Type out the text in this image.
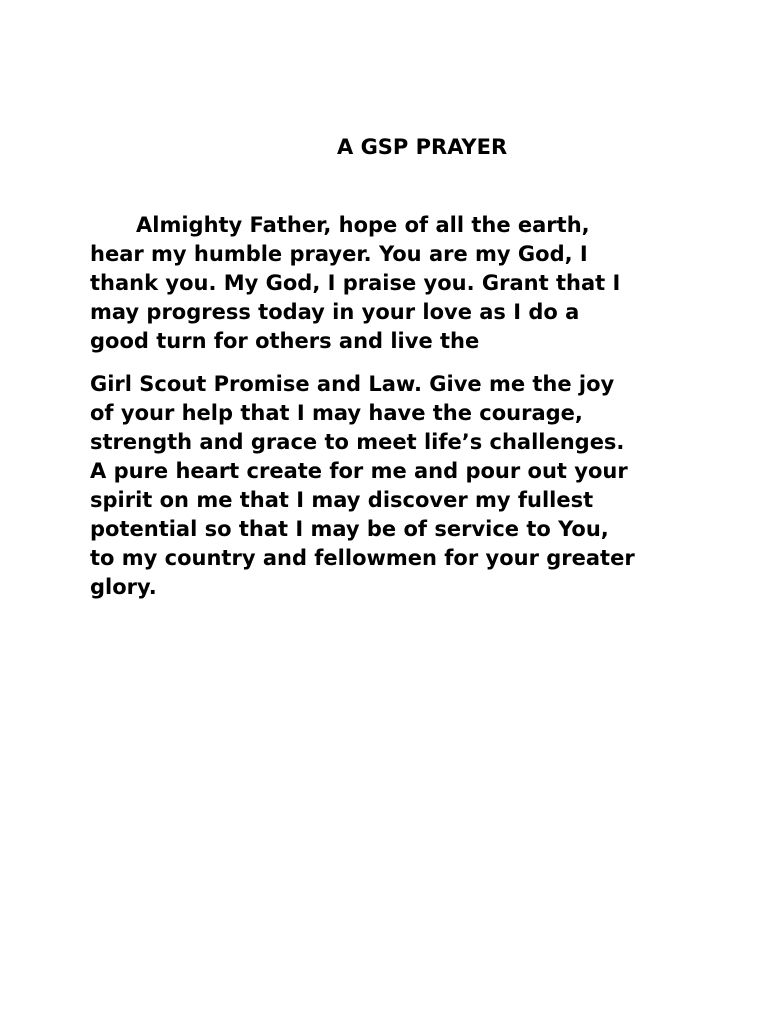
A GSP PRAYER

Almighty Father, hope of all the earth,
hear my humble prayer. You are my God, I
thank you. My God, I praise you. Grant that I
may progress today in your love as I do a
good turn for others and live the

Girl Scout Promise and Law. Give me the joy
of your help that I may have the courage,
strength and grace to meet life’s challenges.
A pure heart create for me and pour out your
spirit on me that I may discover my fullest
potential so that I may be of service to You,
to my country and fellowmen for your greater
glory.
